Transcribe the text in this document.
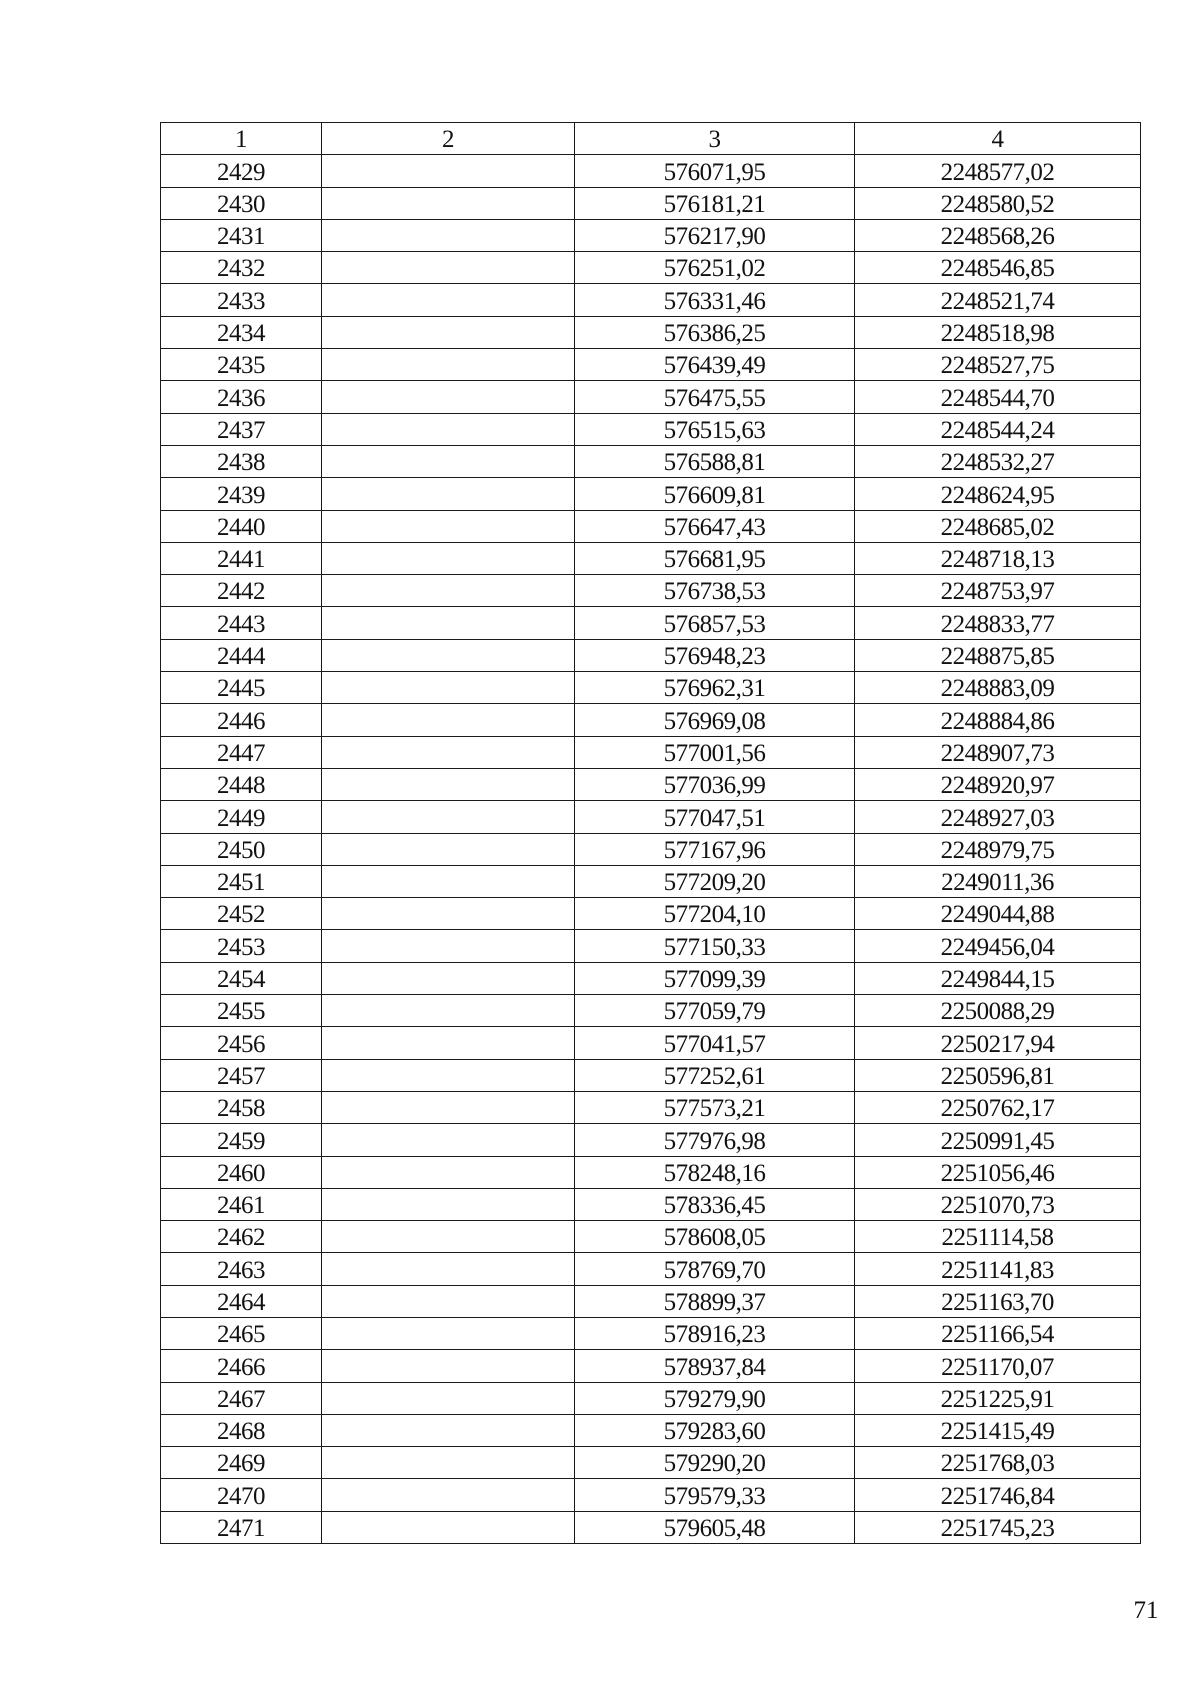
1	2	3	4
2429		576071,95	2248577,02
2430		576181,21	2248580,52
2431		576217,90	2248568,26
2432		576251,02	2248546,85
2433		576331,46	2248521,74
2434		576386,25	2248518,98
2435		576439,49	2248527,75
2436		576475,55	2248544,70
2437		576515,63	2248544,24
2438		576588,81	2248532,27
2439		576609,81	2248624,95
2440		576647,43	2248685,02
2441		576681,95	2248718,13
2442		576738,53	2248753,97
2443		576857,53	2248833,77
2444		576948,23	2248875,85
2445		576962,31	2248883,09
2446		576969,08	2248884,86
2447		577001,56	2248907,73
2448		577036,99	2248920,97
2449		577047,51	2248927,03
2450		577167,96	2248979,75
2451		577209,20	2249011,36
2452		577204,10	2249044,88
2453		577150,33	2249456,04
2454		577099,39	2249844,15
2455		577059,79	2250088,29
2456		577041,57	2250217,94
2457		577252,61	2250596,81
2458		577573,21	2250762,17
2459		577976,98	2250991,45
2460		578248,16	2251056,46
2461		578336,45	2251070,73
2462		578608,05	2251114,58
2463		578769,70	2251141,83
2464		578899,37	2251163,70
2465		578916,23	2251166,54
2466		578937,84	2251170,07
2467		579279,90	2251225,91
2468		579283,60	2251415,49
2469		579290,20	2251768,03
2470		579579,33	2251746,84
2471		579605,48	2251745,23
71
